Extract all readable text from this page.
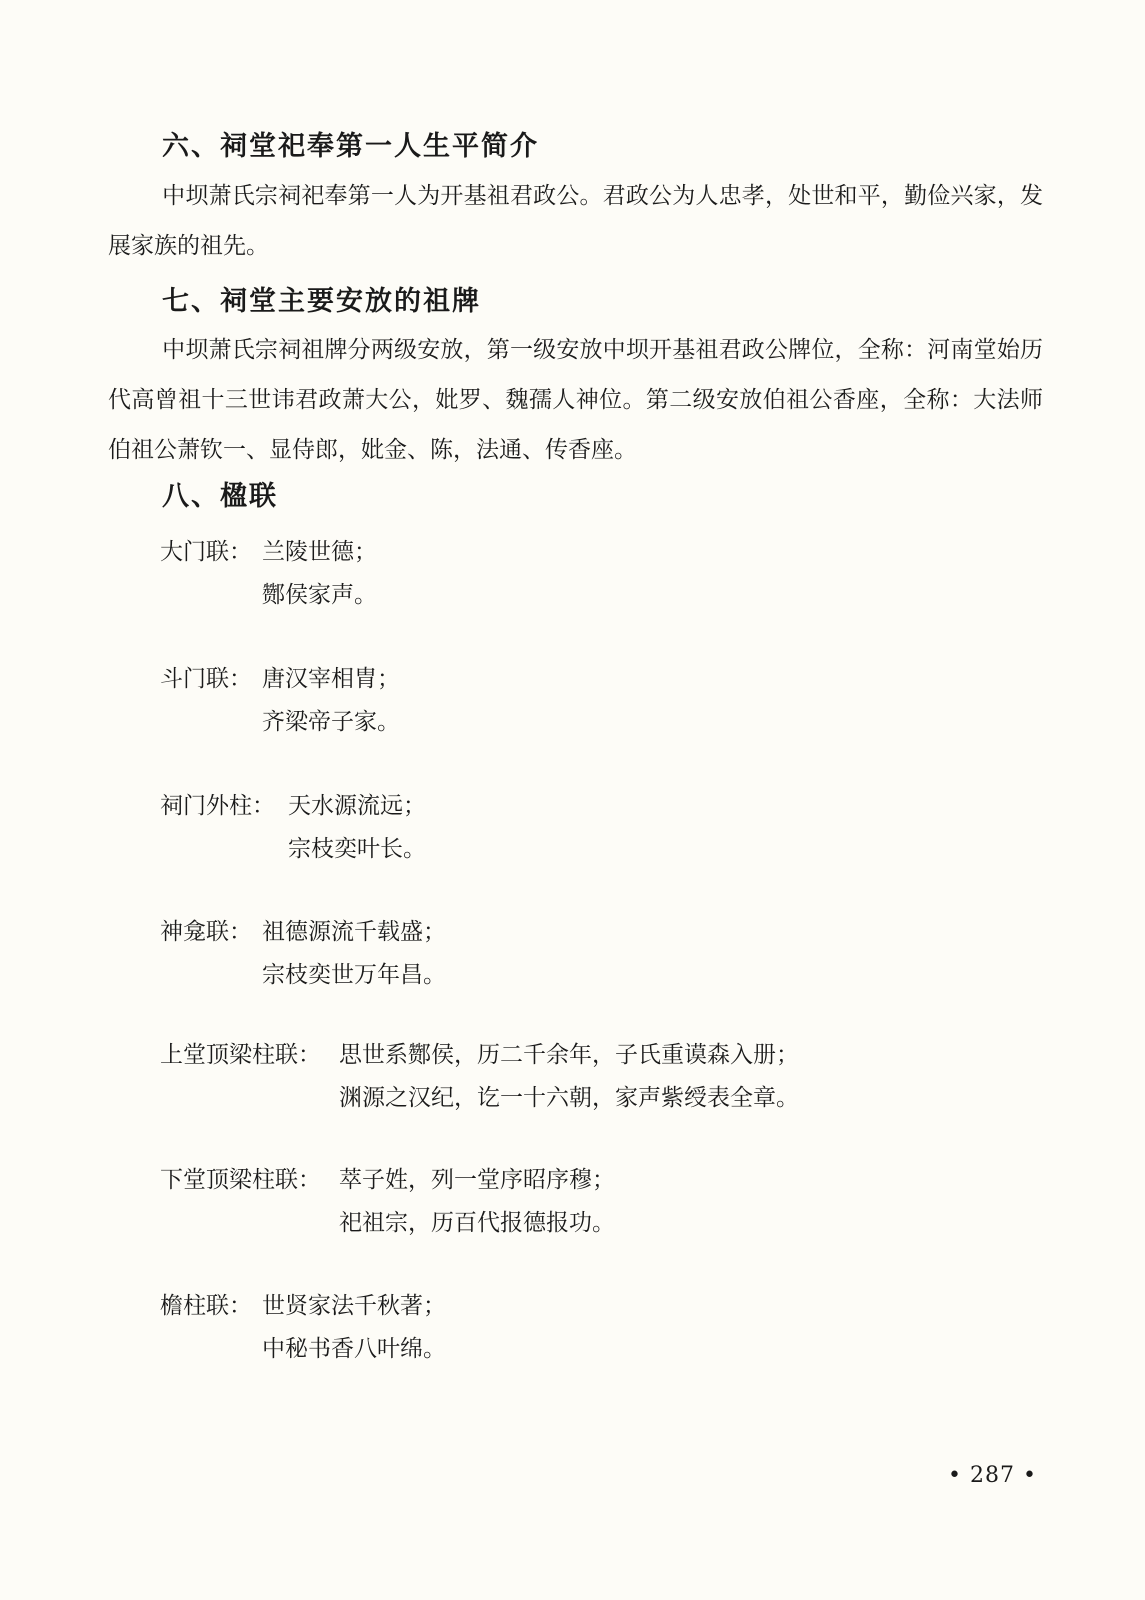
六、祠堂祀奉第一人生平简介

中坝萧氏宗祠祀奉第一人为开基祖君政公。君政公为人忠孝，处世和平，勤俭兴家，发展家族的祖先。

七、祠堂主要安放的祖牌

中坝萧氏宗祠祖牌分两级安放，第一级安放中坝开基祖君政公牌位，全称：河南堂始历代高曾祖十三世讳君政萧大公，妣罗、魏孺人神位。第二级安放伯祖公香座，全称：大法师伯祖公萧钦一、显侍郎，妣金、陈，法通、传香座。

八、楹联
大门联： 兰陵世德；
酂侯家声。
斗门联： 唐汉宰相胄；
齐梁帝子家。
祠门外柱： 天水源流远；
宗枝奕叶长。
神龛联： 祖德源流千载盛；
宗枝奕世万年昌。
上堂顶梁柱联： 思世系酂侯，历二千余年，子氏重谟森入册；
渊源之汉纪，讫一十六朝，家声紫绶表全章。
下堂顶梁柱联： 萃子姓，列一堂序昭序穆；
祀祖宗，历百代报德报功。
檐柱联： 世贤家法千秋著；
中秘书香八叶绵。
• 287 •
